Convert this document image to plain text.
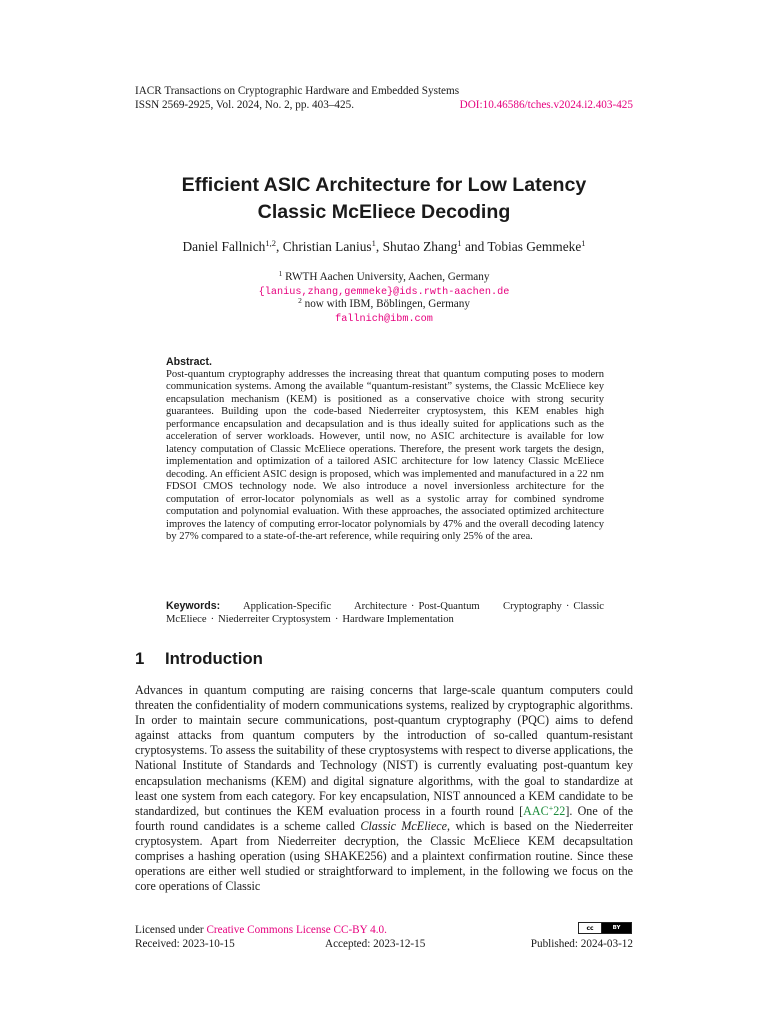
IACR Transactions on Cryptographic Hardware and Embedded Systems
ISSN 2569-2925, Vol. 2024, No. 2, pp. 403–425.	DOI:10.46586/tches.v2024.i2.403-425
Efficient ASIC Architecture for Low Latency
Classic McEliece Decoding
Daniel Fallnich$^{1,2}$, Christian Lanius$^1$, Shutao Zhang$^1$ and Tobias Gemmeke$^1$
$^1$ RWTH Aachen University, Aachen, Germany
{lanius,zhang,gemmeke}@ids.rwth-aachen.de
$^2$ now with IBM, Böblingen, Germany
fallnich@ibm.com
Abstract.

Post-quantum cryptography addresses the increasing threat that quantum computing poses to modern communication systems. Among the available “quantum-resistant” systems, the Classic McEliece key encapsulation mechanism (KEM) is positioned as a conservative choice with strong security guarantees. Building upon the code-based Niederreiter cryptosystem, this KEM enables high performance encapsulation and decapsulation and is thus ideally suited for applications such as the acceleration of server workloads. However, until now, no ASIC architecture is available for low latency computation of Classic McEliece operations. Therefore, the present work targets the design, implementation and optimization of a tailored ASIC architecture for low latency Classic McEliece decoding. An efficient ASIC design is proposed, which was implemented and manufactured in a 22 nm FDSOI CMOS technology node. We also introduce a novel inversionless architecture for the computation of error-locator polynomials as well as a systolic array for combined syndrome computation and polynomial evaluation. With these approaches, the associated optimized architecture improves the latency of computing error-locator polynomials by 47% and the overall decoding latency by 27% compared to a state-of-the-art reference, while requiring only 25% of the area.

Keywords: Application-Specific Architecture · Post-Quantum Cryptography · Classic McEliece · Niederreiter Cryptosystem · Hardware Implementation
1 Introduction

Advances in quantum computing are raising concerns that large-scale quantum computers could threaten the confidentiality of modern communications systems, realized by cryptographic algorithms. In order to maintain secure communications, post-quantum cryptography (PQC) aims to defend against attacks from quantum computers by the introduction of so-called quantum-resistant cryptosystems. To assess the suitability of these cryptosystems with respect to diverse applications, the National Institute of Standards and Technology (NIST) is currently evaluating post-quantum key encapsulation mechanisms (KEM) and digital signature algorithms, with the goal to standardize at least one system from each category. For key encapsulation, NIST announced a KEM candidate to be standardized, but continues the KEM evaluation process in a fourth round [AAC+22]. One of the fourth round candidates is a scheme called Classic McEliece, which is based on the Niederreiter cryptosystem. Apart from Niederreiter decryption, the Classic McEliece KEM decapsultation comprises a hashing operation (using SHAKE256) and a plaintext confirmation routine. Since these operations are either well studied or straightforward to implement, in the following we focus on the core operations of Classic

Licensed under Creative Commons License CC-BY 4.0.	cc	BY
Received: 2023-10-15	Accepted: 2023-12-15	Published: 2024-03-12
